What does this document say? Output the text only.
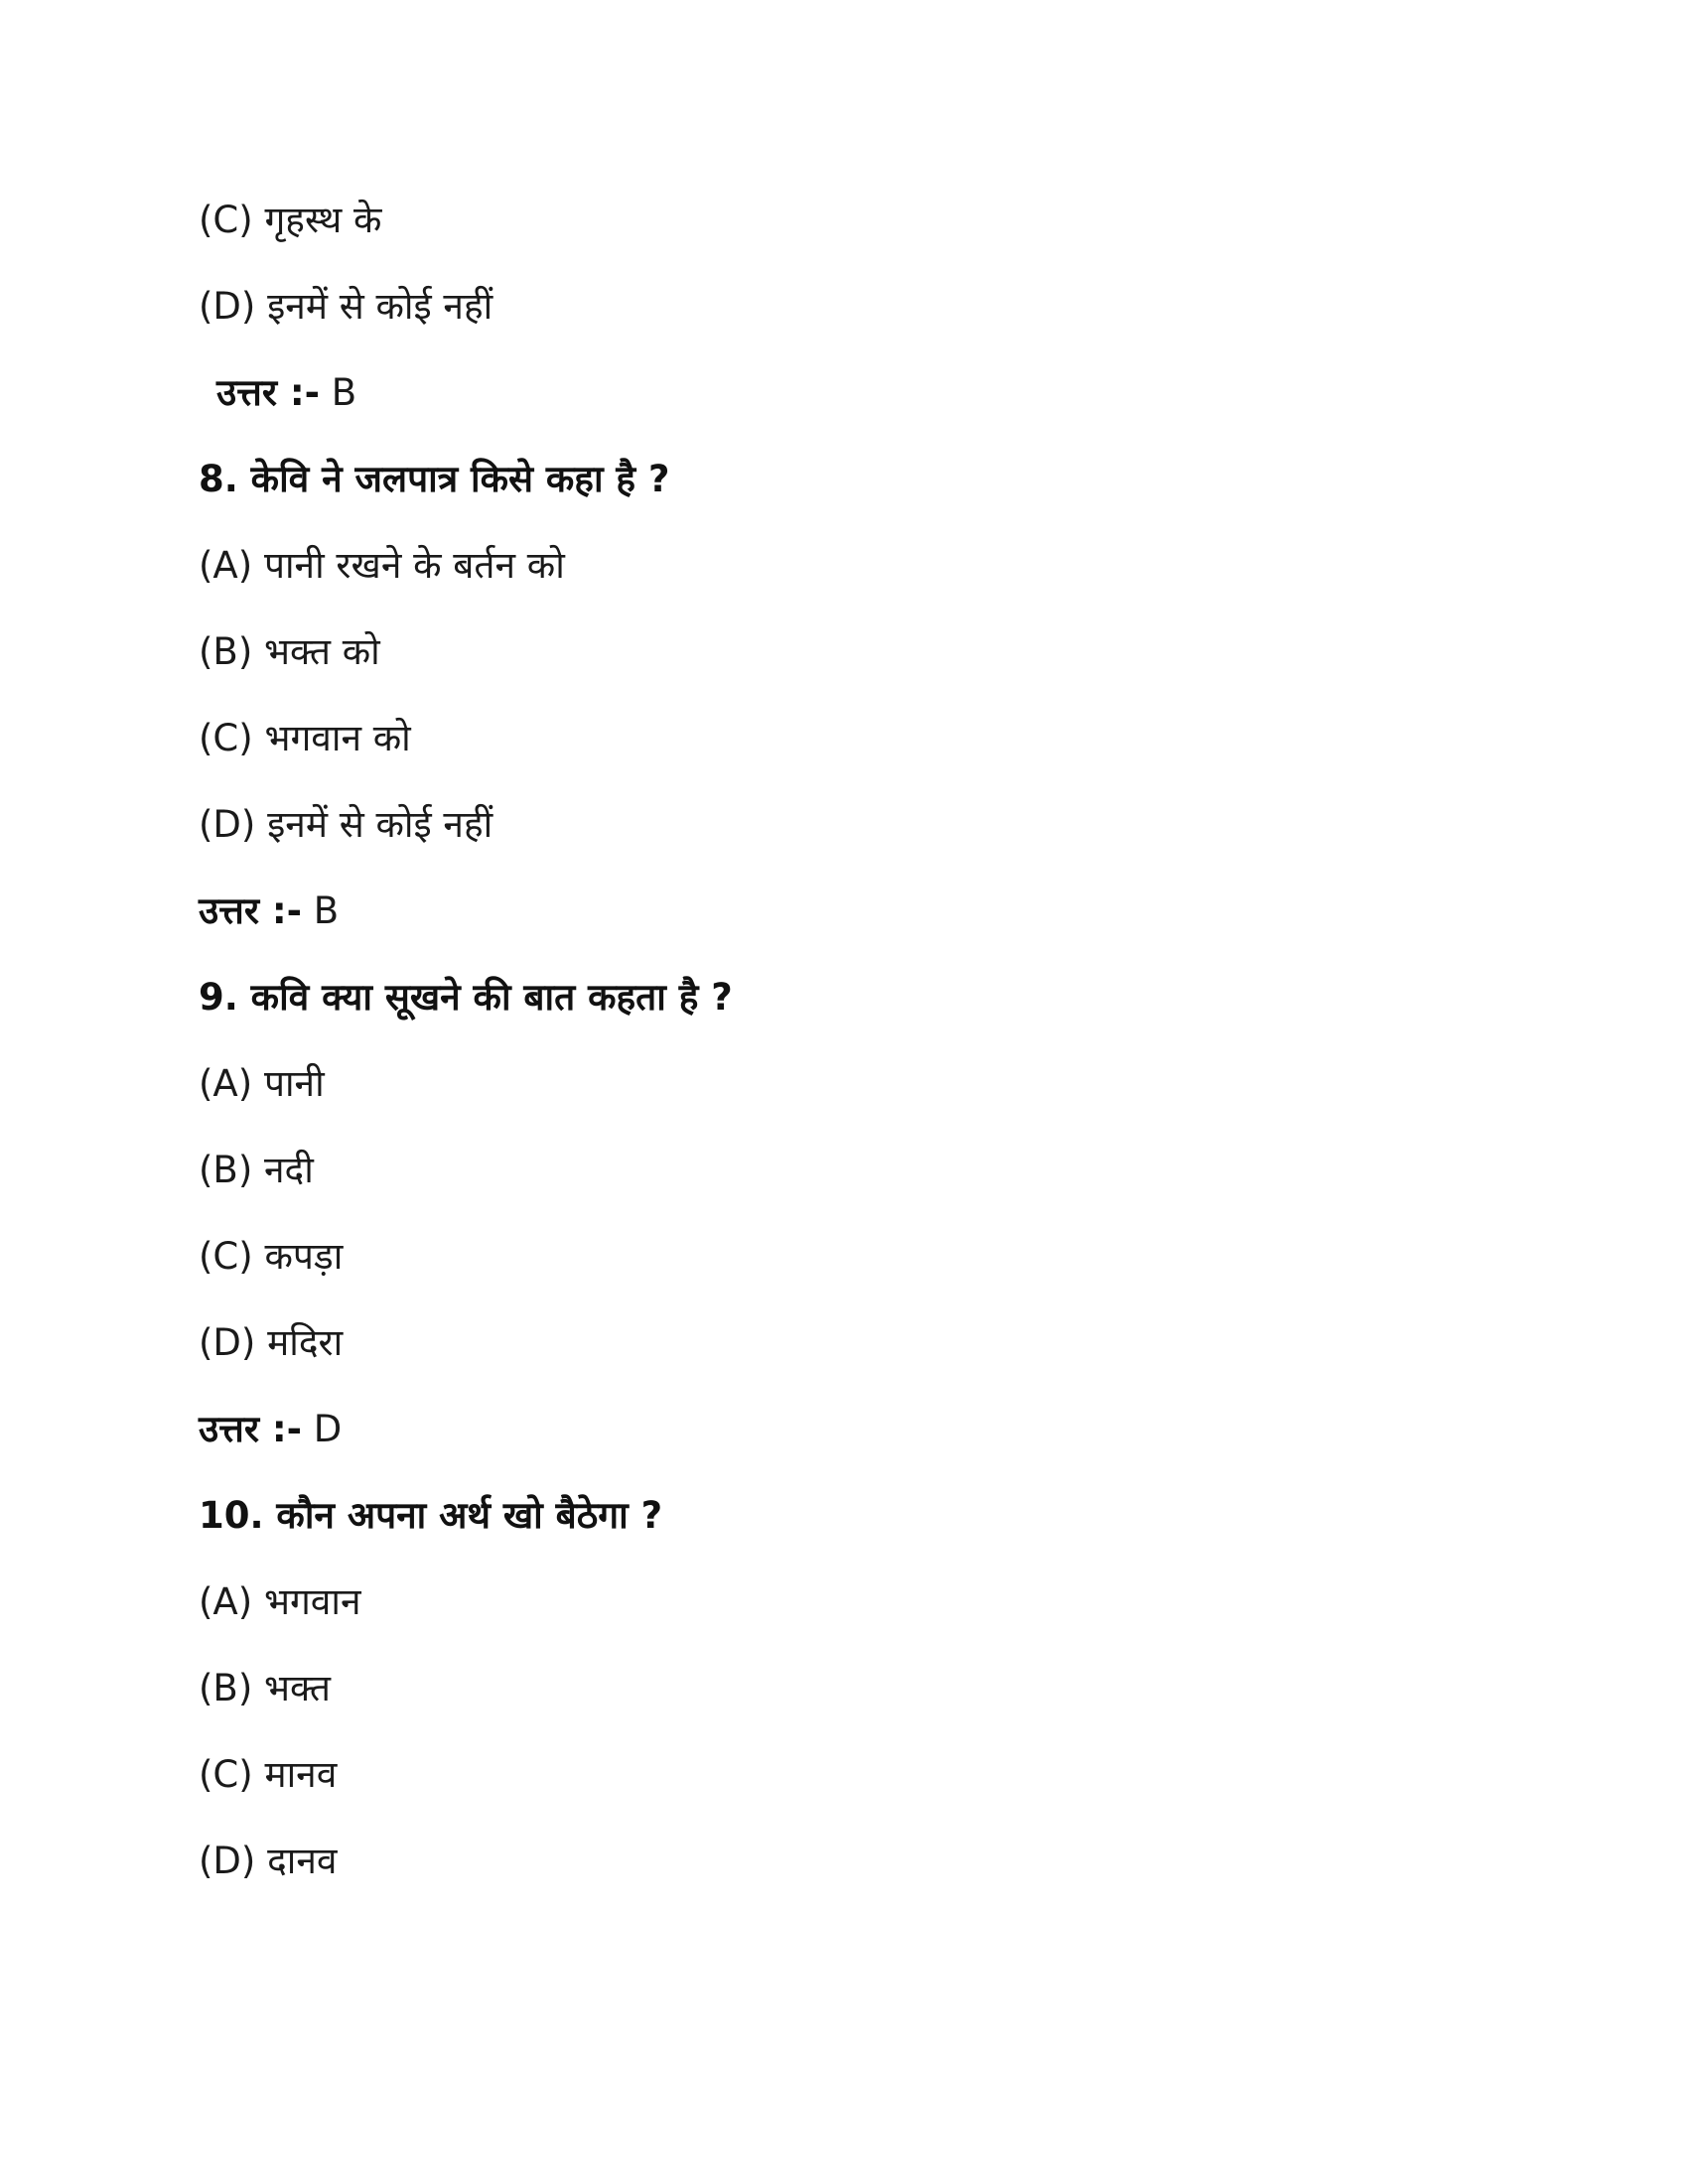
(C) गृहस्थ के
(D) इनमें से कोई नहीं
उत्तर :- B
8. केवि ने जलपात्र किसे कहा है ?
(A) पानी रखने के बर्तन को
(B) भक्त को
(C) भगवान को
(D) इनमें से कोई नहीं
उत्तर :- B
9. कवि क्या सूखने की बात कहता है ?
(A) पानी
(B) नदी
(C) कपड़ा
(D) मदिरा
उत्तर :- D
10. कौन अपना अर्थ खो बैठेगा ?
(A) भगवान
(B) भक्त
(C) मानव
(D) दानव
